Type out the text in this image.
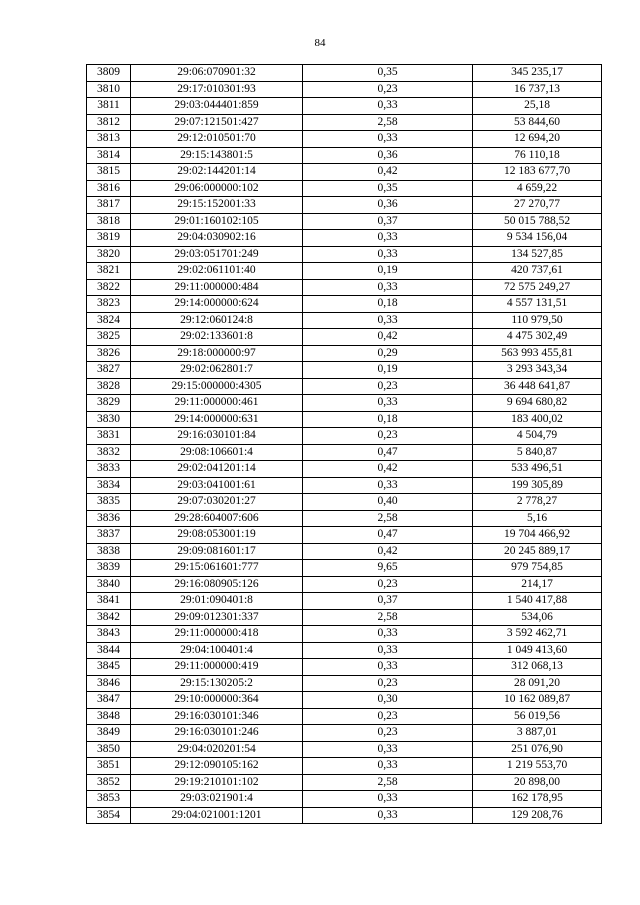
84
3809	29:06:070901:32	0,35	345 235,17
3810	29:17:010301:93	0,23	16 737,13
3811	29:03:044401:859	0,33	25,18
3812	29:07:121501:427	2,58	53 844,60
3813	29:12:010501:70	0,33	12 694,20
3814	29:15:143801:5	0,36	76 110,18
3815	29:02:144201:14	0,42	12 183 677,70
3816	29:06:000000:102	0,35	4 659,22
3817	29:15:152001:33	0,36	27 270,77
3818	29:01:160102:105	0,37	50 015 788,52
3819	29:04:030902:16	0,33	9 534 156,04
3820	29:03:051701:249	0,33	134 527,85
3821	29:02:061101:40	0,19	420 737,61
3822	29:11:000000:484	0,33	72 575 249,27
3823	29:14:000000:624	0,18	4 557 131,51
3824	29:12:060124:8	0,33	110 979,50
3825	29:02:133601:8	0,42	4 475 302,49
3826	29:18:000000:97	0,29	563 993 455,81
3827	29:02:062801:7	0,19	3 293 343,34
3828	29:15:000000:4305	0,23	36 448 641,87
3829	29:11:000000:461	0,33	9 694 680,82
3830	29:14:000000:631	0,18	183 400,02
3831	29:16:030101:84	0,23	4 504,79
3832	29:08:106601:4	0,47	5 840,87
3833	29:02:041201:14	0,42	533 496,51
3834	29:03:041001:61	0,33	199 305,89
3835	29:07:030201:27	0,40	2 778,27
3836	29:28:604007:606	2,58	5,16
3837	29:08:053001:19	0,47	19 704 466,92
3838	29:09:081601:17	0,42	20 245 889,17
3839	29:15:061601:777	9,65	979 754,85
3840	29:16:080905:126	0,23	214,17
3841	29:01:090401:8	0,37	1 540 417,88
3842	29:09:012301:337	2,58	534,06
3843	29:11:000000:418	0,33	3 592 462,71
3844	29:04:100401:4	0,33	1 049 413,60
3845	29:11:000000:419	0,33	312 068,13
3846	29:15:130205:2	0,23	28 091,20
3847	29:10:000000:364	0,30	10 162 089,87
3848	29:16:030101:346	0,23	56 019,56
3849	29:16:030101:246	0,23	3 887,01
3850	29:04:020201:54	0,33	251 076,90
3851	29:12:090105:162	0,33	1 219 553,70
3852	29:19:210101:102	2,58	20 898,00
3853	29:03:021901:4	0,33	162 178,95
3854	29:04:021001:1201	0,33	129 208,76
